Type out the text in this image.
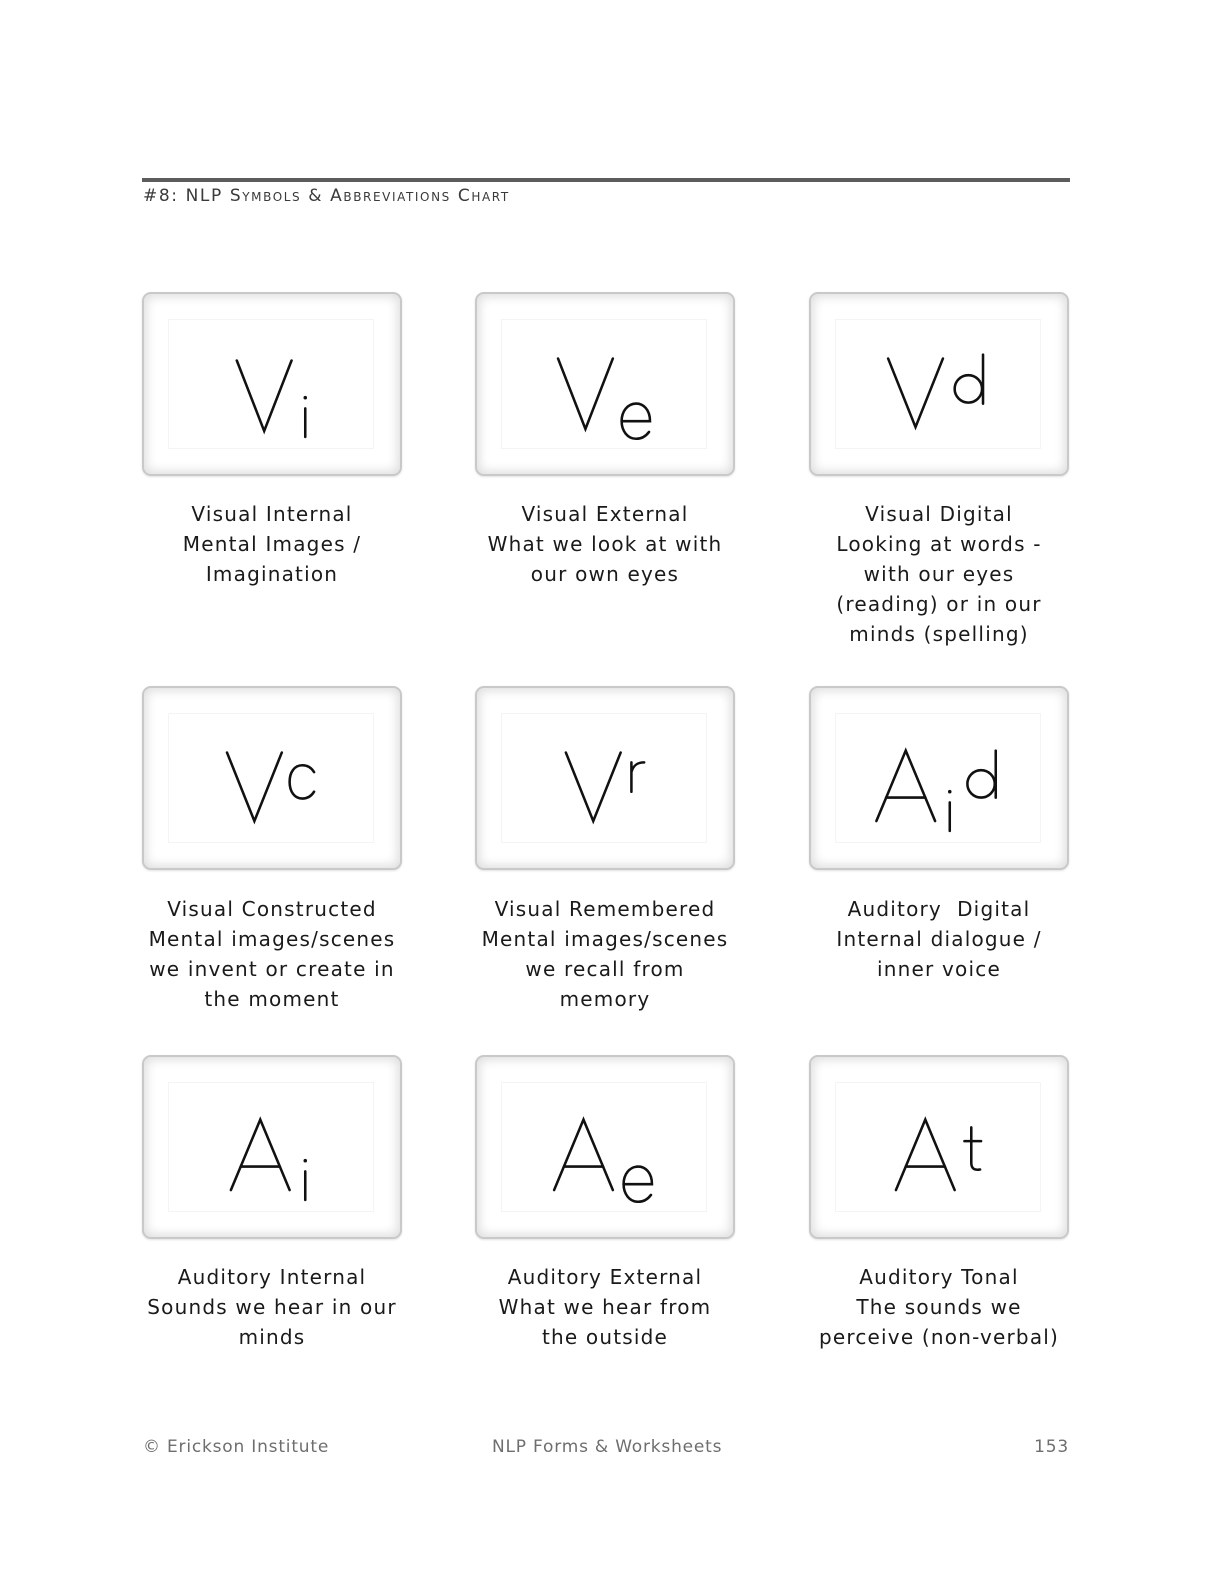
#8: NLP Symbols & Abbreviations Chart
Visual Internal
Mental Images /
Imagination
Visual External
What we look at with
our own eyes
Visual Digital
Looking at words -
with our eyes
(reading) or in our
minds (spelling)
Visual Constructed
Mental images/scenes
we invent or create in
the moment
Visual Remembered
Mental images/scenes
we recall from
memory
Auditory  Digital
Internal dialogue /
inner voice
Auditory Internal
Sounds we hear in our
minds
Auditory External
What we hear from
the outside
Auditory Tonal
The sounds we
perceive (non-verbal)
© Erickson Institute	NLP Forms & Worksheets	153
